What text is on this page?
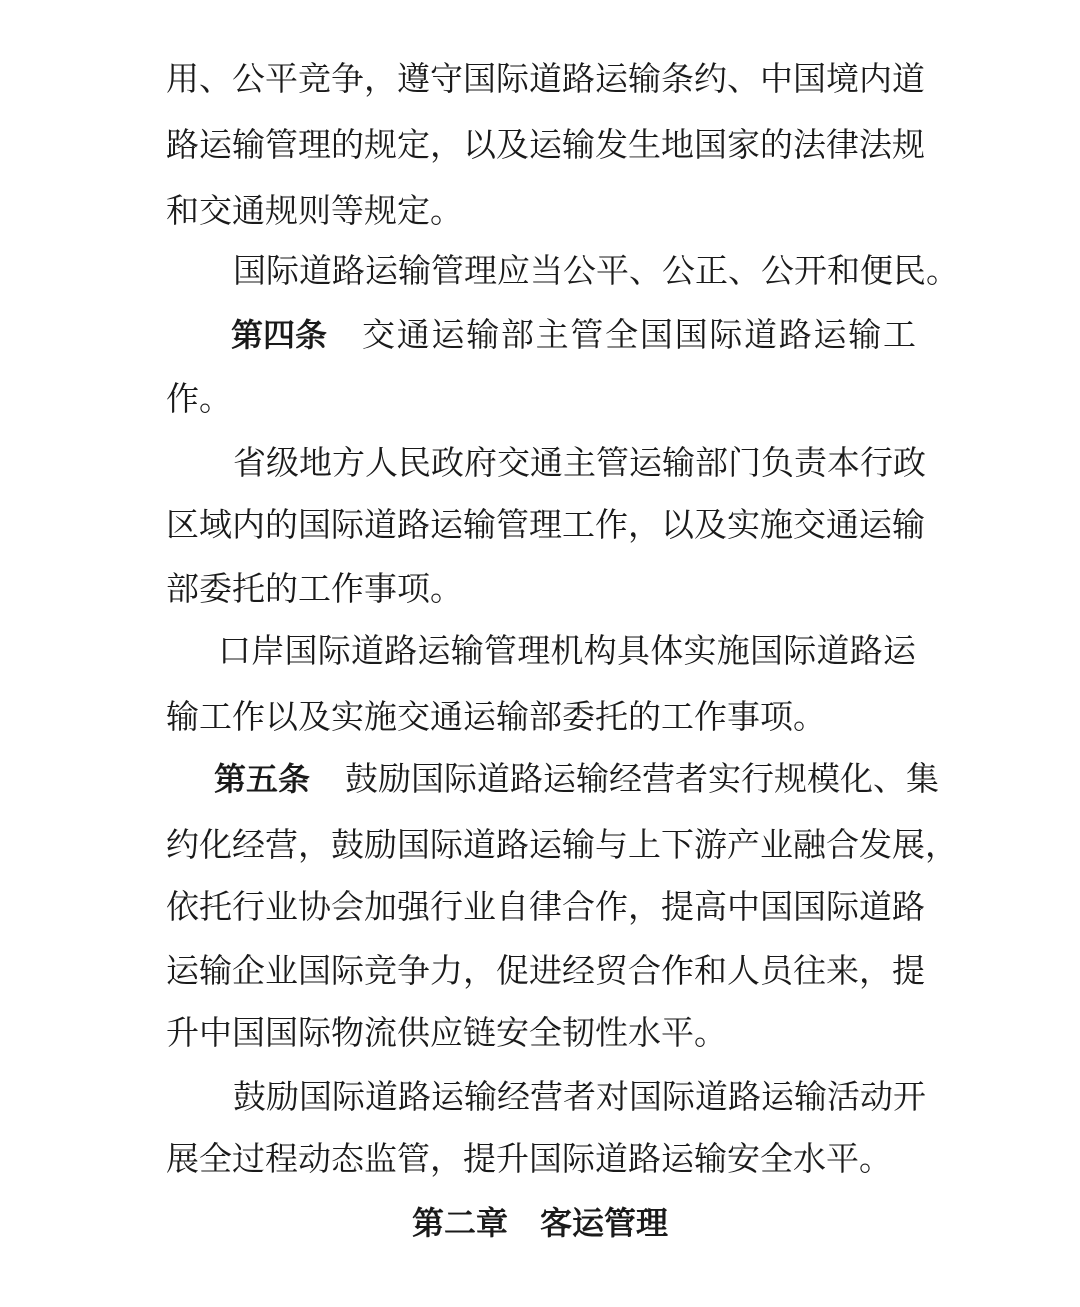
用、公平竞争，遵守国际道路运输条约、中国境内道
路运输管理的规定，以及运输发生地国家的法律法规
和交通规则等规定。
国际道路运输管理应当公平、公正、公开和便民。
第四条 交通运输部主管全国国际道路运输工
作。
省级地方人民政府交通主管运输部门负责本行政
区域内的国际道路运输管理工作，以及实施交通运输
部委托的工作事项。
口岸国际道路运输管理机构具体实施国际道路运
输工作以及实施交通运输部委托的工作事项。
第五条 鼓励国际道路运输经营者实行规模化、集
约化经营，鼓励国际道路运输与上下游产业融合发展，
依托行业协会加强行业自律合作，提高中国国际道路
运输企业国际竞争力，促进经贸合作和人员往来，提
升中国国际物流供应链安全韧性水平。
鼓励国际道路运输经营者对国际道路运输活动开
展全过程动态监管，提升国际道路运输安全水平。
第二章　客运管理
